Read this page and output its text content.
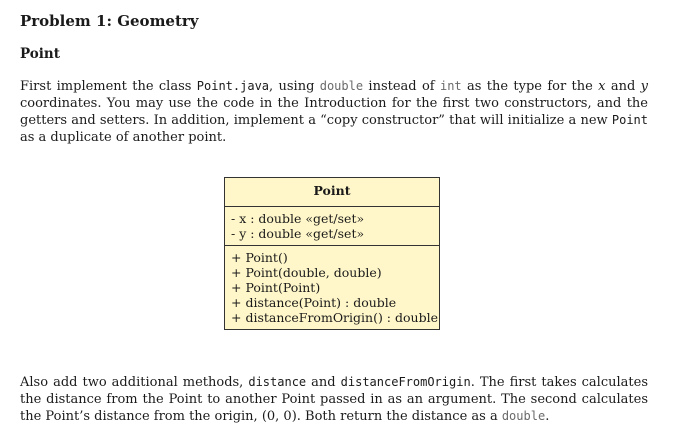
Problem 1: Geometry
Point

First implement the class Point.java, using double instead of int as the type for the x and y coordinates. You may use the code in the Introduction for the first two constructors, and the getters and setters. In addition, implement a “copy constructor” that will initialize a new Point as a duplicate of another point.

Point
- x : double «get/set»
- y : double «get/set»
+ Point()
+ Point(double, double)
+ Point(Point)
+ distance(Point) : double
+ distanceFromOrigin() : double

Also add two additional methods, distance and distanceFromOrigin. The first takes calculates the distance from the Point to another Point passed in as an argument. The second calculates the Point’s distance from the origin, (0, 0). Both return the distance as a double.
